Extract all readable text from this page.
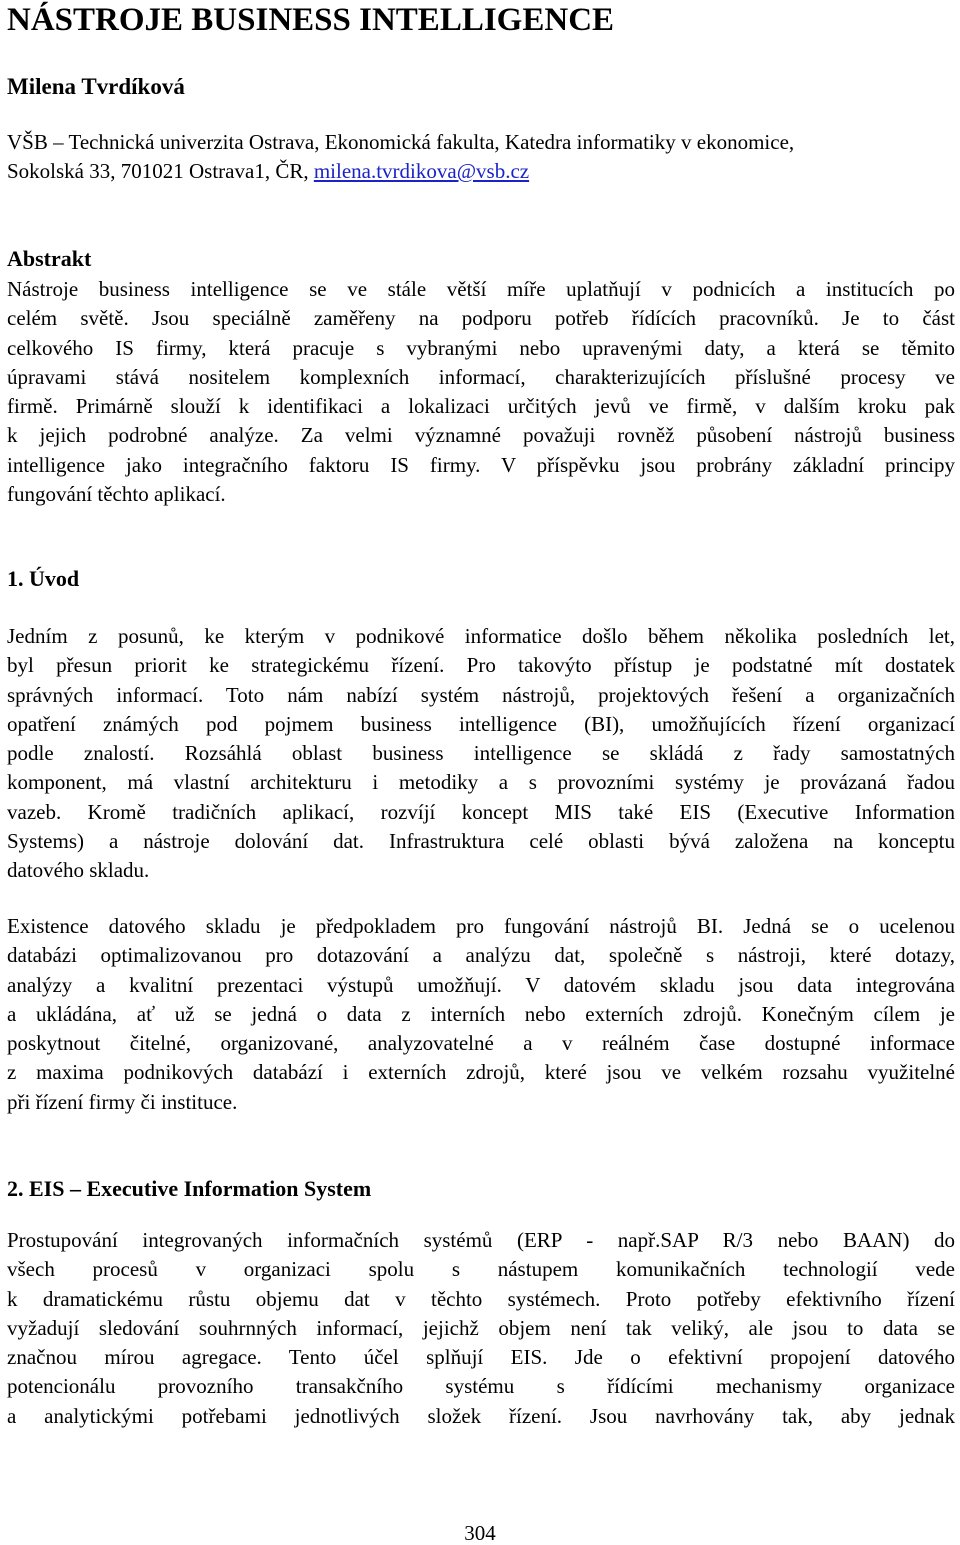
NÁSTROJE BUSINESS INTELLIGENCE

Milena Tvrdíková

VŠB – Technická univerzita Ostrava, Ekonomická fakulta, Katedra informatiky v ekonomice,
Sokolská 33, 701021 Ostrava1, ČR, milena.tvrdikova@vsb.cz

Abstrakt

Nástroje business intelligence se ve stále větší míře uplatňují v podnicích a institucích po
celém světě. Jsou speciálně zaměřeny na podporu potřeb řídících pracovníků. Je to část
celkového IS firmy, která pracuje s vybranými nebo upravenými daty, a která se těmito
úpravami stává nositelem komplexních informací, charakterizujících příslušné procesy ve
firmě. Primárně slouží k identifikaci a lokalizaci určitých jevů ve firmě, v dalším kroku pak
k jejich podrobné analýze. Za velmi významné považuji rovněž působení nástrojů business
intelligence jako integračního faktoru IS firmy. V příspěvku jsou probrány základní principy
fungování těchto aplikací.

1. Úvod

Jedním z posunů, ke kterým v podnikové informatice došlo během několika posledních let,
byl přesun priorit ke strategickému řízení. Pro takovýto přístup je podstatné mít dostatek
správných informací. Toto nám nabízí systém nástrojů, projektových řešení a organizačních
opatření známých pod pojmem business intelligence (BI), umožňujících řízení organizací
podle znalostí. Rozsáhlá oblast business intelligence se skládá z řady samostatných
komponent, má vlastní architekturu i metodiky a s provozními systémy je provázaná řadou
vazeb. Kromě tradičních aplikací, rozvíjí koncept MIS také EIS (Executive Information
Systems) a nástroje dolování dat. Infrastruktura celé oblasti bývá založena na konceptu
datového skladu.

Existence datového skladu je předpokladem pro fungování nástrojů BI. Jedná se o ucelenou
databázi optimalizovanou pro dotazování a analýzu dat, společně s nástroji, které dotazy,
analýzy a kvalitní prezentaci výstupů umožňují. V datovém skladu jsou data integrována
a ukládána, ať už se jedná o data z interních nebo externích zdrojů. Konečným cílem je
poskytnout čitelné, organizované, analyzovatelné a v reálném čase dostupné informace
z maxima podnikových databází i externích zdrojů, které jsou ve velkém rozsahu využitelné
při řízení firmy či instituce.

2. EIS – Executive Information System

Prostupování integrovaných informačních systémů (ERP - např.SAP R/3 nebo BAAN) do
všech procesů v organizaci spolu s nástupem komunikačních technologií vede
k dramatickému růstu objemu dat v těchto systémech. Proto potřeby efektivního řízení
vyžadují sledování souhrnných informací, jejichž objem není tak veliký, ale jsou to data se
značnou mírou agregace. Tento účel splňují EIS. Jde o efektivní propojení datového
potencionálu provozního transakčního systému s řídícími mechanismy organizace
a analytickými potřebami jednotlivých složek řízení. Jsou navrhovány tak, aby jednak

304
